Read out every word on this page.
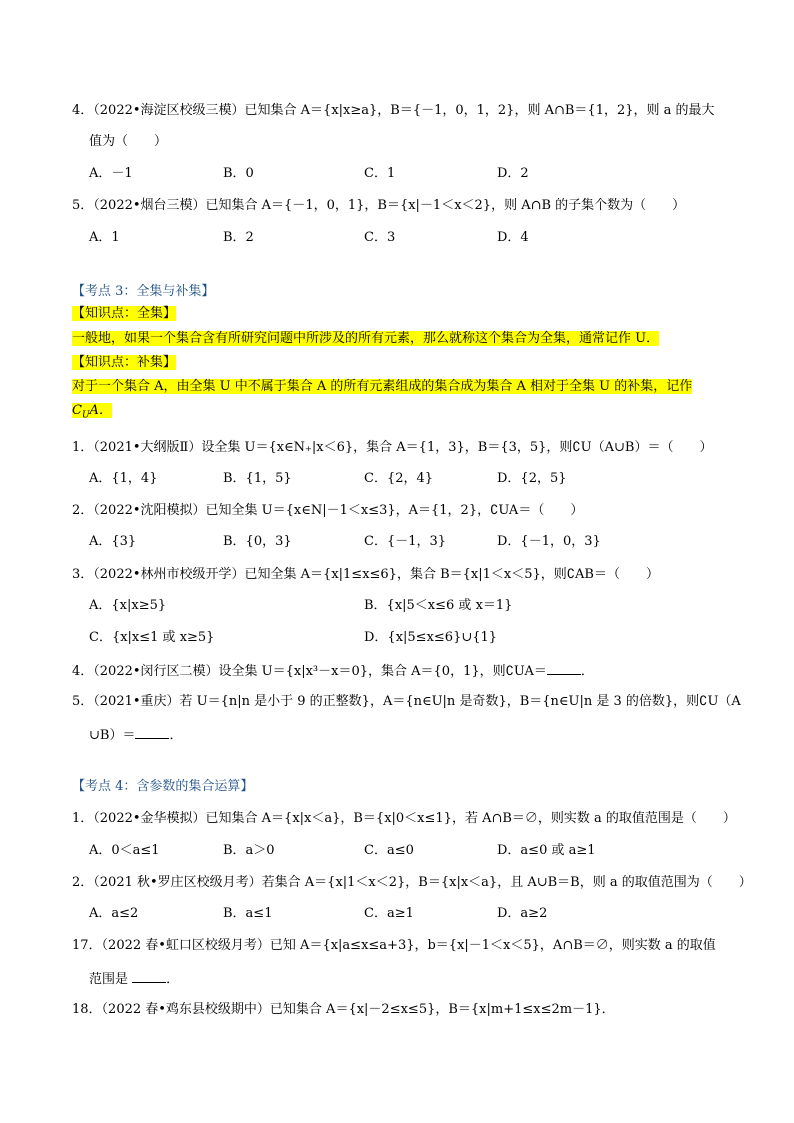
4．（2022•海淀区校级三模）已知集合 A＝{x|x≥a}，B＝{－1，0，1，2}，则 A∩B＝{1，2}，则 a 的最大
值为（　　）
A．－1	B．0	C．1	D．2
5．（2022•烟台三模）已知集合 A＝{－1，0，1}，B＝{x|－1＜x＜2}，则 A∩B 的子集个数为（　　）
A．1	B．2	C．3	D．4
【考点 3：全集与补集】
【知识点：全集】
一般地，如果一个集合含有所研究问题中所涉及的所有元素，那么就称这个集合为全集，通常记作 U．
【知识点：补集】
对于一个集合 A，由全集 U 中不属于集合 A 的所有元素组成的集合成为集合 A 相对于全集 U 的补集，记作
$C_UA$．
1．（2021•大纲版Ⅱ）设全集 U＝{x∈N₊|x＜6}，集合 A＝{1，3}，B＝{3，5}，则∁U（A∪B）＝（　　）
A．{1，4}	B．{1，5}	C．{2，4}	D．{2，5}
2．（2022•沈阳模拟）已知全集 U＝{x∈N|－1＜x≤3}，A＝{1，2}，∁UA＝（　　）
A．{3}	B．{0，3}	C．{－1，3}	D．{－1，0，3}
3．（2022•林州市校级开学）已知全集 A＝{x|1≤x≤6}，集合 B＝{x|1＜x＜5}，则∁AB＝（　　）
A．{x|x≥5}	B．{x|5＜x≤6 或 x＝1}
C．{x|x≤1 或 x≥5}	D．{x|5≤x≤6}∪{1}
4．（2022•闵行区二模）设全集 U＝{x|x³－x＝0}，集合 A＝{0，1}，则∁UA＝	．
5．（2021•重庆）若 U＝{n|n 是小于 9 的正整数}，A＝{n∈U|n 是奇数}，B＝{n∈U|n 是 3 的倍数}，则∁U（A
∪B）＝	．
【考点 4：含参数的集合运算】
1．（2022•金华模拟）已知集合 A＝{x|x＜a}，B＝{x|0＜x≤1}，若 A∩B＝∅，则实数 a 的取值范围是（　　）
A．0＜a≤1	B．a＞0	C．a≤0	D．a≤0 或 a≥1
2．（2021 秋•罗庄区校级月考）若集合 A＝{x|1＜x＜2}，B＝{x|x＜a}，且 A∪B＝B，则 a 的取值范围为（　　）
A．a≤2	B．a≤1	C．a≥1	D．a≥2
17．（2022 春•虹口区校级月考）已知 A＝{x|a≤x≤a+3}，b＝{x|－1＜x＜5}，A∩B＝∅，则实数 a 的取值
范围是	．
18．（2022 春•鸡东县校级期中）已知集合 A＝{x|－2≤x≤5}，B＝{x|m+1≤x≤2m－1}．
